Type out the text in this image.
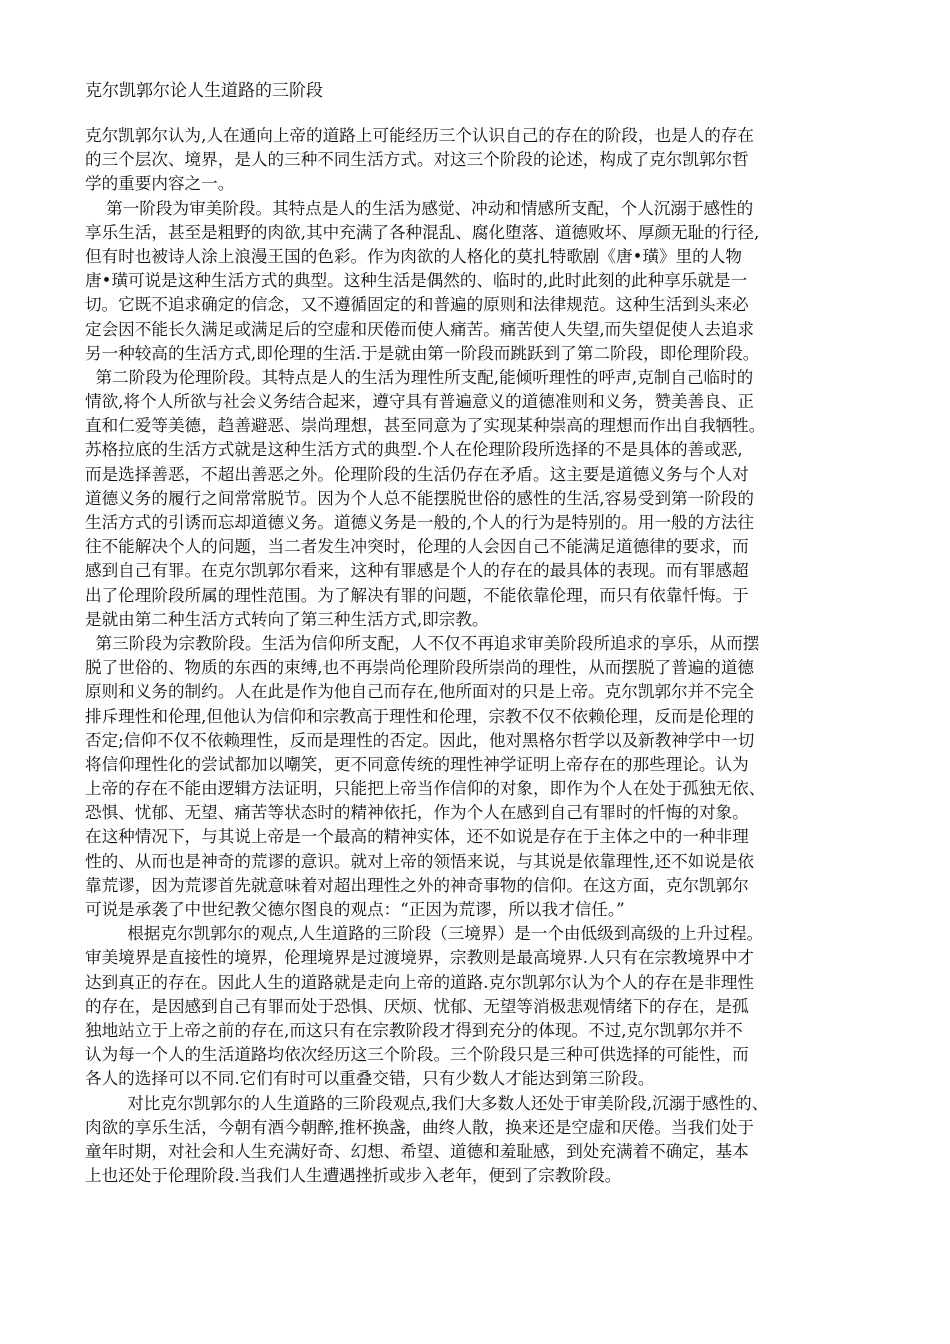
克尔凯郭尔论人生道路的三阶段
克尔凯郭尔认为,人在通向上帝的道路上可能经历三个认识自己的存在的阶段，也是人的存在
的三个层次、境界，是人的三种不同生活方式。对这三个阶段的论述，构成了克尔凯郭尔哲
学的重要内容之一。
第一阶段为审美阶段。其特点是人的生活为感觉、冲动和情感所支配，个人沉溺于感性的
享乐生活，甚至是粗野的肉欲,其中充满了各种混乱、腐化堕落、道德败坏、厚颜无耻的行径,
但有时也被诗人涂上浪漫王国的色彩。作为肉欲的人格化的莫扎特歌剧《唐•璜》里的人物
唐•璜可说是这种生活方式的典型。这种生活是偶然的、临时的,此时此刻的此种享乐就是一
切。它既不追求确定的信念，又不遵循固定的和普遍的原则和法律规范。这种生活到头来必
定会因不能长久满足或满足后的空虚和厌倦而使人痛苦。痛苦使人失望,而失望促使人去追求
另一种较高的生活方式,即伦理的生活.于是就由第一阶段而跳跃到了第二阶段，即伦理阶段。
第二阶段为伦理阶段。其特点是人的生活为理性所支配,能倾听理性的呼声,克制自己临时的
情欲,将个人所欲与社会义务结合起来，遵守具有普遍意义的道德准则和义务，赞美善良、正
直和仁爱等美德，趋善避恶、崇尚理想，甚至同意为了实现某种崇高的理想而作出自我牺牲。
苏格拉底的生活方式就是这种生活方式的典型.个人在伦理阶段所选择的不是具体的善或恶,
而是选择善恶，不超出善恶之外。伦理阶段的生活仍存在矛盾。这主要是道德义务与个人对
道德义务的履行之间常常脱节。因为个人总不能摆脱世俗的感性的生活,容易受到第一阶段的
生活方式的引诱而忘却道德义务。道德义务是一般的,个人的行为是特别的。用一般的方法往
往不能解决个人的问题，当二者发生冲突时，伦理的人会因自己不能满足道德律的要求，而
感到自己有罪。在克尔凯郭尔看来，这种有罪感是个人的存在的最具体的表现。而有罪感超
出了伦理阶段所属的理性范围。为了解决有罪的问题，不能依靠伦理，而只有依靠忏悔。于
是就由第二种生活方式转向了第三种生活方式,即宗教。
第三阶段为宗教阶段。生活为信仰所支配，人不仅不再追求审美阶段所追求的享乐，从而摆
脱了世俗的、物质的东西的束缚,也不再崇尚伦理阶段所崇尚的理性，从而摆脱了普遍的道德
原则和义务的制约。人在此是作为他自己而存在,他所面对的只是上帝。克尔凯郭尔并不完全
排斥理性和伦理,但他认为信仰和宗教高于理性和伦理，宗教不仅不依赖伦理，反而是伦理的
否定;信仰不仅不依赖理性，反而是理性的否定。因此，他对黑格尔哲学以及新教神学中一切
将信仰理性化的尝试都加以嘲笑，更不同意传统的理性神学证明上帝存在的那些理论。认为
上帝的存在不能由逻辑方法证明，只能把上帝当作信仰的对象，即作为个人在处于孤独无依、
恐惧、忧郁、无望、痛苦等状态时的精神依托，作为个人在感到自己有罪时的忏悔的对象。
在这种情况下，与其说上帝是一个最高的精神实体，还不如说是存在于主体之中的一种非理
性的、从而也是神奇的荒谬的意识。就对上帝的领悟来说，与其说是依靠理性,还不如说是依
靠荒谬，因为荒谬首先就意味着对超出理性之外的神奇事物的信仰。在这方面，克尔凯郭尔
可说是承袭了中世纪教父德尔图良的观点：“正因为荒谬，所以我才信任。”
根据克尔凯郭尔的观点,人生道路的三阶段（三境界）是一个由低级到高级的上升过程。
审美境界是直接性的境界，伦理境界是过渡境界，宗教则是最高境界.人只有在宗教境界中才
达到真正的存在。因此人生的道路就是走向上帝的道路.克尔凯郭尔认为个人的存在是非理性
的存在，是因感到自己有罪而处于恐惧、厌烦、忧郁、无望等消极悲观情绪下的存在，是孤
独地站立于上帝之前的存在,而这只有在宗教阶段才得到充分的体现。不过,克尔凯郭尔并不
认为每一个人的生活道路均依次经历这三个阶段。三个阶段只是三种可供选择的可能性，而
各人的选择可以不同.它们有时可以重叠交错，只有少数人才能达到第三阶段。
对比克尔凯郭尔的人生道路的三阶段观点,我们大多数人还处于审美阶段,沉溺于感性的、
肉欲的享乐生活，今朝有酒今朝醉,推杯换盏，曲终人散，换来还是空虚和厌倦。当我们处于
童年时期，对社会和人生充满好奇、幻想、希望、道德和羞耻感，到处充满着不确定，基本
上也还处于伦理阶段.当我们人生遭遇挫折或步入老年，便到了宗教阶段。
